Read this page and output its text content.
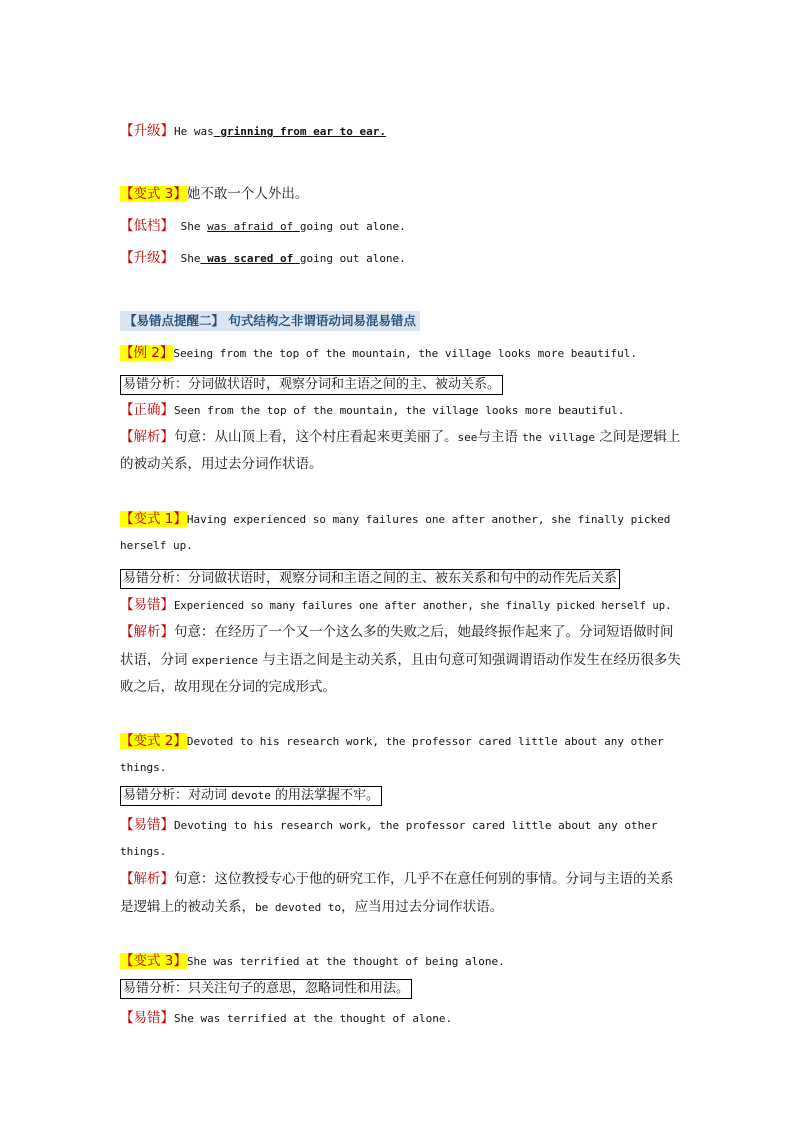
【升级】He was grinning from ear to ear.
【变式 3】她不敢一个人外出。
【低档】 She was afraid of going out alone.
【升级】 She was scared of going out alone.
【易错点提醒二】 句式结构之非谓语动词易混易错点
【例 2】Seeing from the top of the mountain, the village looks more beautiful.
易错分析：分词做状语时，观察分词和主语之间的主、被动关系。
【正确】Seen from the top of the mountain, the village looks more beautiful.
【解析】句意：从山顶上看，这个村庄看起来更美丽了。see与主语 the village 之间是逻辑上
的被动关系，用过去分词作状语。
【变式 1】Having experienced so many failures one after another, she finally picked
herself up.
易错分析：分词做状语时，观察分词和主语之间的主、被东关系和句中的动作先后关系
【易错】Experienced so many failures one after another, she finally picked herself up.
【解析】句意：在经历了一个又一个这么多的失败之后，她最终振作起来了。分词短语做时间
状语，分词 experience 与主语之间是主动关系，且由句意可知强调谓语动作发生在经历很多失
败之后，故用现在分词的完成形式。
【变式 2】Devoted to his research work, the professor cared little about any other
things.
易错分析：对动词 devote 的用法掌握不牢。
【易错】Devoting to his research work, the professor cared little about any other
things.
【解析】句意：这位教授专心于他的研究工作，几乎不在意任何别的事情。分词与主语的关系
是逻辑上的被动关系，be devoted to，应当用过去分词作状语。
【变式 3】She was terrified at the thought of being alone.
易错分析：只关注句子的意思，忽略词性和用法。
【易错】She was terrified at the thought of alone.
